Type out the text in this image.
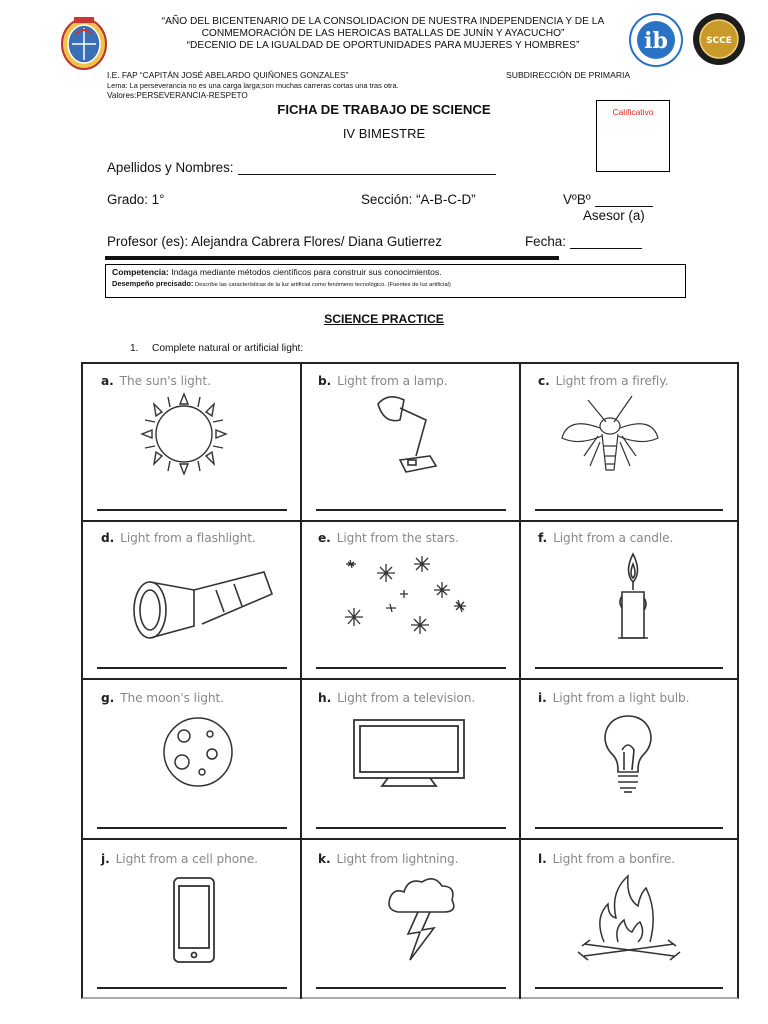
“AÑO DEL BICENTENARIO DE LA CONSOLIDACION DE NUESTRA INDEPENDENCIA Y DE LA
CONMEMORACIÓN DE LAS HEROICAS BATALLAS DE JUNÍN Y AYACUCHO”
“DECENIO DE LA IGUALDAD DE OPORTUNIDADES PARA MUJERES Y HOMBRES”	ib	SCCE
I.E. FAP “CAPITÁN JOSÉ ABELARDO QUIÑONES GONZALES”	SUBDIRECCIÓN DE PRIMARIA
Lema: La perseverancia no es una carga larga;son muchas carreras cortas una tras otra.
Valores:PERSEVERANCIA-RESPETO
FICHA DE TRABAJO DE SCIENCE
IV BIMESTRE
Calificativo
Apellidos y Nombres:
Grado: 1°	Sección: “A-B-C-D”	VºBº
Asesor (a)
Profesor (es): Alejandra Cabrera Flores/ Diana Gutierrez	Fecha:
Competencia: Indaga mediante métodos científicos para construir sus conocimientos.
Desempeño precisado: Describe las características de la luz artificial como fenómeno tecnológico. (Fuentes de luz artificial)
SCIENCE PRACTICE
1. Complete natural or artificial light:
a. The sun's light.	b. Light from a lamp.	c. Light from a firefly.
d. Light from a flashlight.	e. Light from the stars.	f. Light from a candle.
g. The moon's light.	h. Light from a television.	i. Light from a light bulb.
j. Light from a cell phone.	k. Light from lightning.	l. Light from a bonfire.
